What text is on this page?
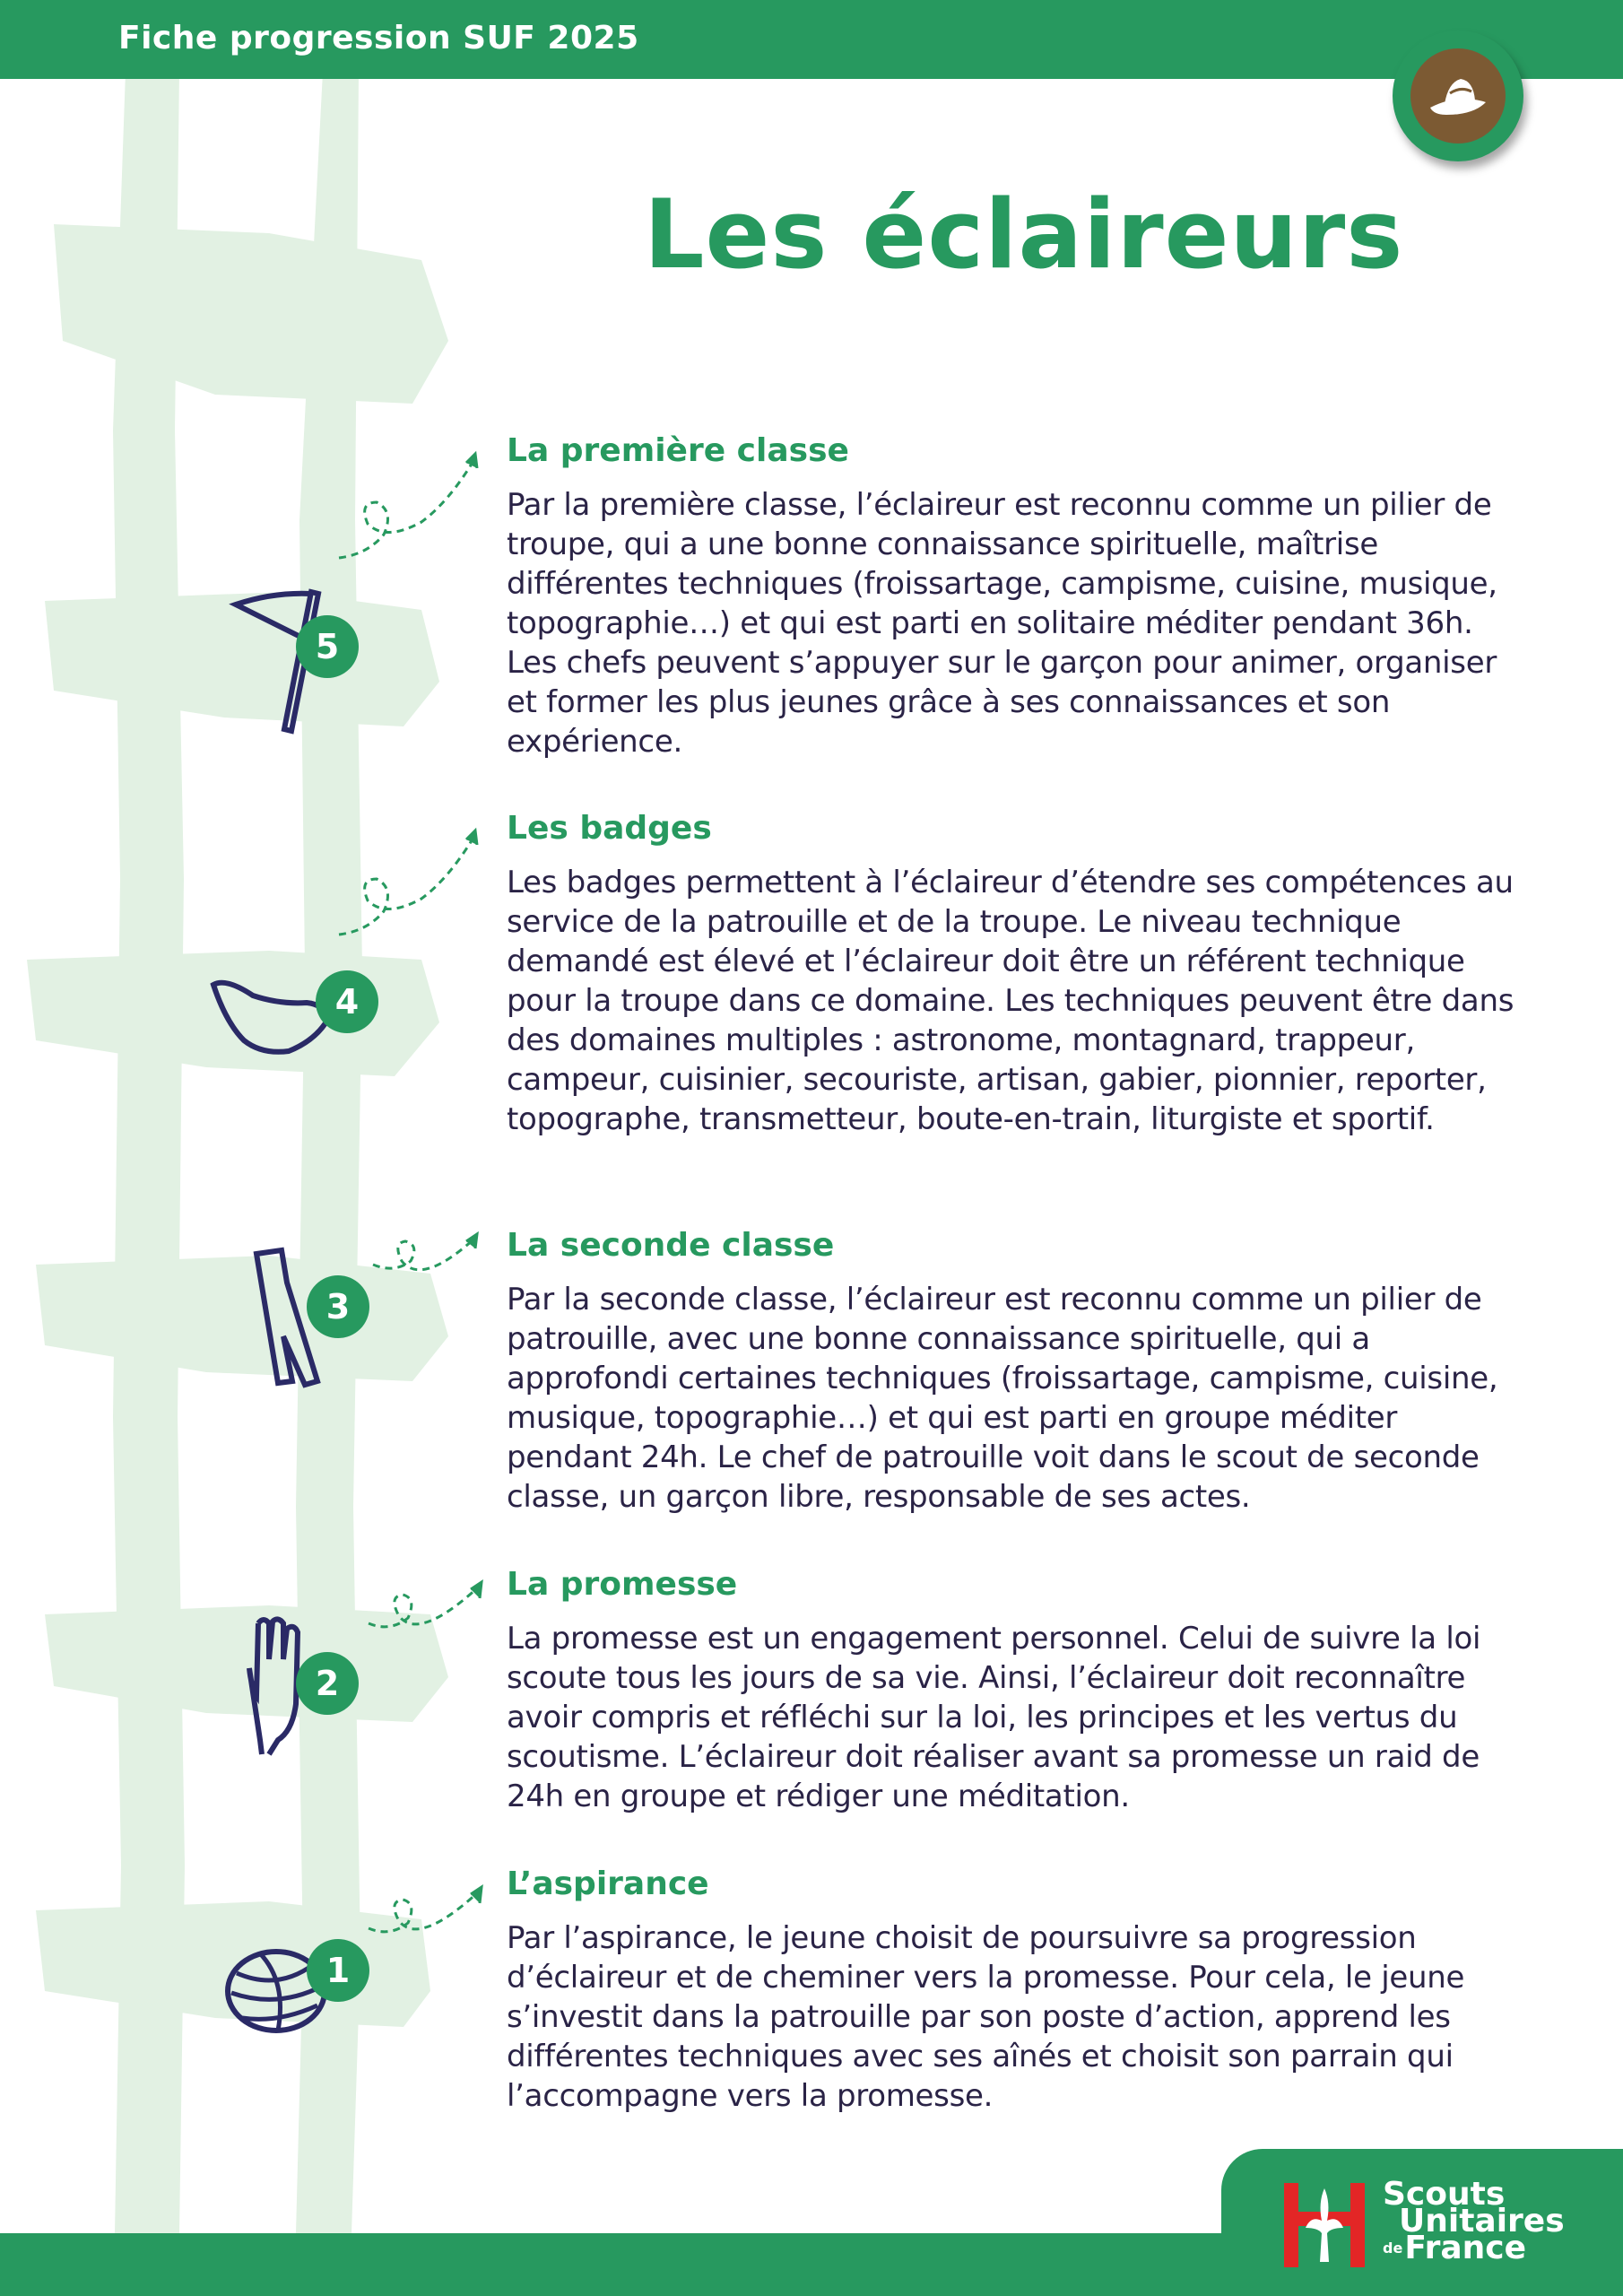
Fiche progression SUF 2025
Les éclaireurs
5
La première classe

Par la première classe, l’éclaireur est reconnu comme un pilier de troupe, qui a une bonne connaissance spirituelle, maîtrise différentes techniques (froissartage, campisme, cuisine, musique, topographie…) et qui est parti en solitaire méditer pendant 36h. Les chefs peuvent s’appuyer sur le garçon pour animer, organiser et former les plus jeunes grâce à ses connaissances et son expérience.

4
Les badges

Les badges permettent à l’éclaireur d’étendre ses compétences au service de la patrouille et de la troupe. Le niveau technique demandé est élevé et l’éclaireur doit être un référent technique pour la troupe dans ce domaine. Les techniques peuvent être dans des domaines multiples : astronome, montagnard, trappeur, campeur, cuisinier, secouriste, artisan, gabier, pionnier, reporter, topographe, transmetteur, boute-en-train, liturgiste et sportif.

3
La seconde classe

Par la seconde classe, l’éclaireur est reconnu comme un pilier de patrouille, avec une bonne connaissance spirituelle, qui a approfondi certaines techniques (froissartage, campisme, cuisine, musique, topographie…) et qui est parti en groupe méditer pendant 24h. Le chef de patrouille voit dans le scout de seconde classe, un garçon libre, responsable de ses actes.

2
La promesse

La promesse est un engagement personnel. Celui de suivre la loi scoute tous les jours de sa vie. Ainsi, l’éclaireur doit reconnaître avoir compris et réfléchi sur la loi, les principes et les vertus du scoutisme. L’éclaireur doit réaliser avant sa promesse un raid de 24h en groupe et rédiger une méditation.

1
L’aspirance

Par l’aspirance, le jeune choisit de poursuivre sa progression d’éclaireur et de cheminer vers la promesse. Pour cela, le jeune s’investit dans la patrouille par son poste d’action, apprend les différentes techniques avec ses aînés et choisit son parrain qui l’accompagne vers la promesse.

Scouts
Unitaires
$^{de}$France
